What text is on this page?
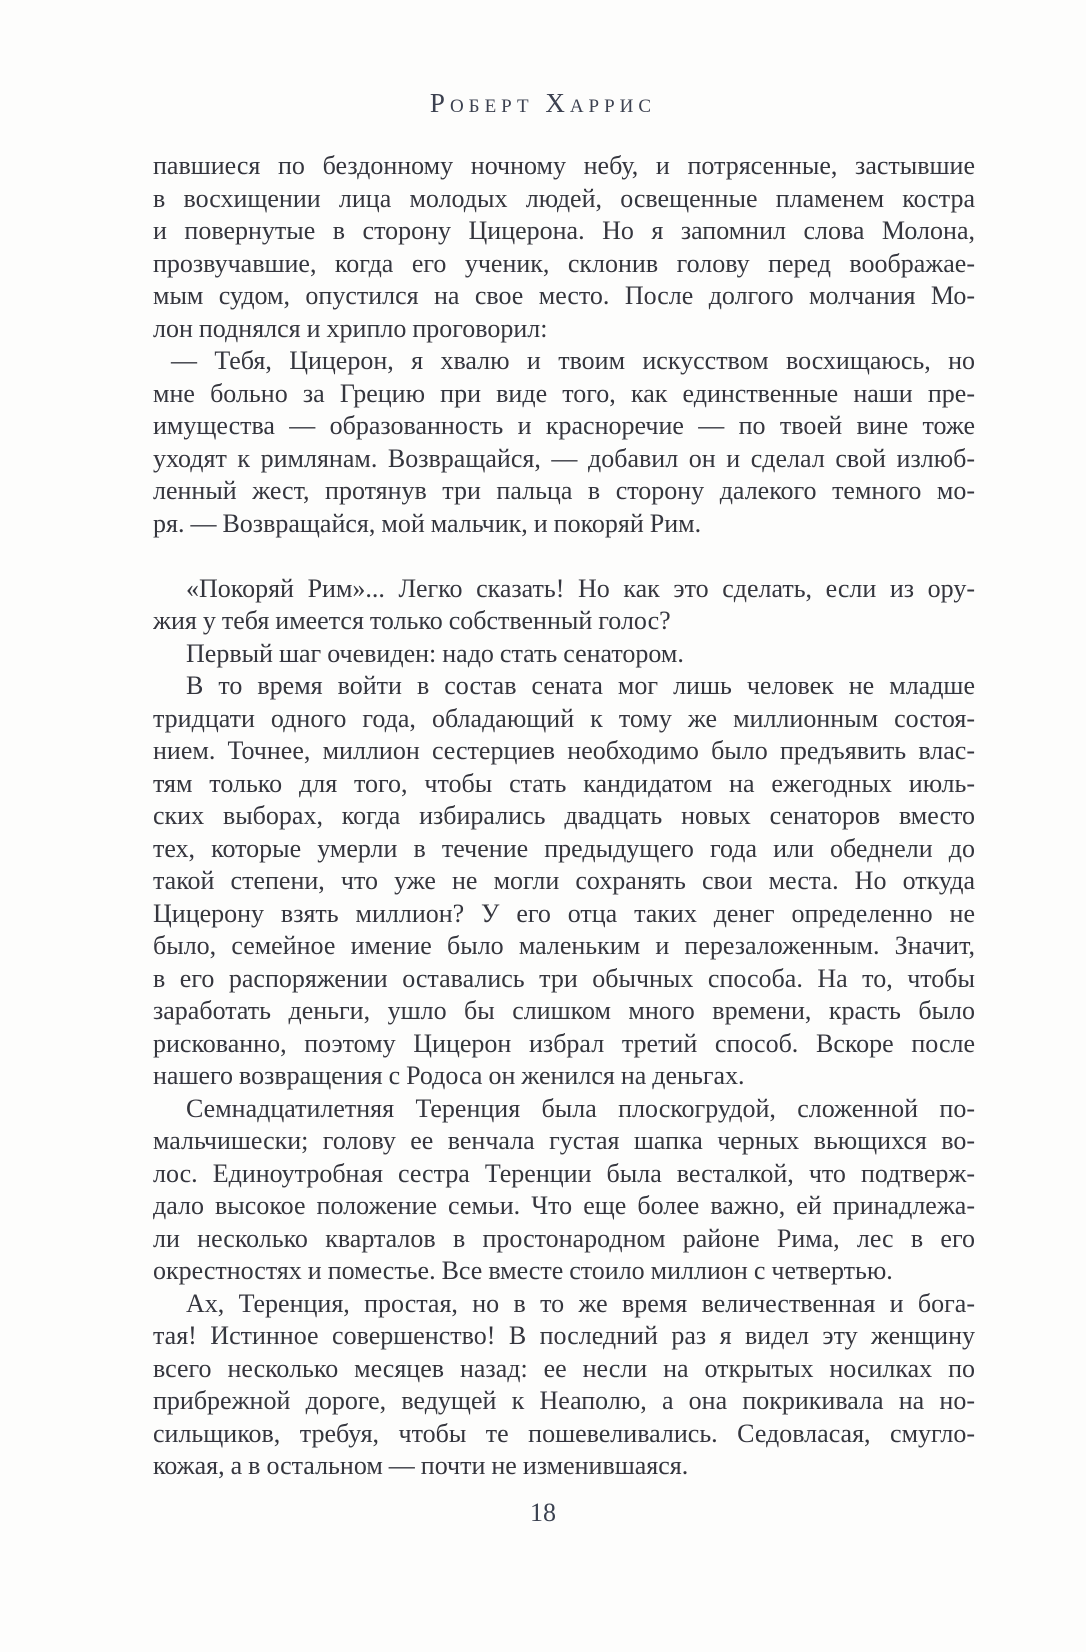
Роберт Харрис
павшиеся по бездонному ночному небу, и потрясенные, застывшие
в восхищении лица молодых людей, освещенные пламенем костра
и повернутые в сторону Цицерона. Но я запомнил слова Молона,
прозвучавшие, когда его ученик, склонив голову перед воображае-
мым судом, опустился на свое место. После долгого молчания Мо-
лон поднялся и хрипло проговорил:
— Тебя, Цицерон, я хвалю и твоим искусством восхищаюсь, но
мне больно за Грецию при виде того, как единственные наши пре-
имущества — образованность и красноречие — по твоей вине тоже
уходят к римлянам. Возвращайся, — добавил он и сделал свой излюб-
ленный жест, протянув три пальца в сторону далекого темного мо-
ря. — Возвращайся, мой мальчик, и покоряй Рим.
«Покоряй Рим»... Легко сказать! Но как это сделать, если из ору-
жия у тебя имеется только собственный голос?
Первый шаг очевиден: надо стать сенатором.
В то время войти в состав сената мог лишь человек не младше
тридцати одного года, обладающий к тому же миллионным состоя-
нием. Точнее, миллион сестерциев необходимо было предъявить влас-
тям только для того, чтобы стать кандидатом на ежегодных июль-
ских выборах, когда избирались двадцать новых сенаторов вместо
тех, которые умерли в течение предыдущего года или обеднели до
такой степени, что уже не могли сохранять свои места. Но откуда
Цицерону взять миллион? У его отца таких денег определенно не
было, семейное имение было маленьким и перезаложенным. Значит,
в его распоряжении оставались три обычных способа. На то, чтобы
заработать деньги, ушло бы слишком много времени, красть было
рискованно, поэтому Цицерон избрал третий способ. Вскоре после
нашего возвращения с Родоса он женился на деньгах.
Семнадцатилетняя Теренция была плоскогрудой, сложенной по-
мальчишески; голову ее венчала густая шапка черных вьющихся во-
лос. Единоутробная сестра Теренции была весталкой, что подтверж-
дало высокое положение семьи. Что еще более важно, ей принадлежа-
ли несколько кварталов в простонародном районе Рима, лес в его
окрестностях и поместье. Все вместе стоило миллион с четвертью.
Ах, Теренция, простая, но в то же время величественная и бога-
тая! Истинное совершенство! В последний раз я видел эту женщину
всего несколько месяцев назад: ее несли на открытых носилках по
прибрежной дороге, ведущей к Неаполю, а она покрикивала на но-
сильщиков, требуя, чтобы те пошевеливались. Седовласая, смугло-
кожая, а в остальном — почти не изменившаяся.
18
